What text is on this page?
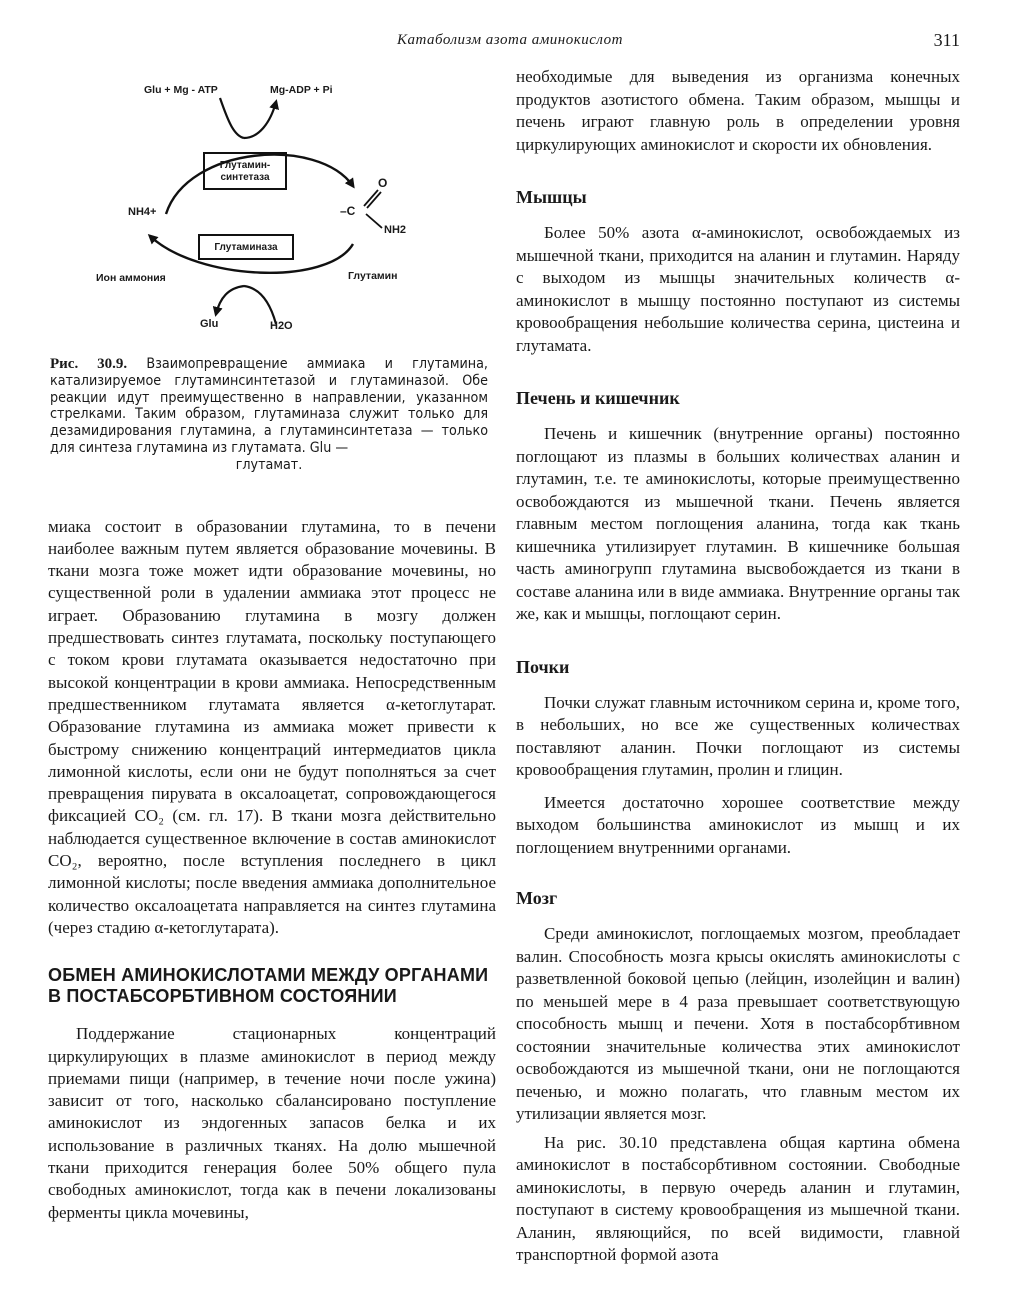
Катаболизм азота аминокислот	311
Glu + Mg - ATP	Mg-ADP + Pi
Глутамин-
синтетаза
Глутаминаза
NH4+
Ион аммония	Глутамин
–C
O
NH2
Glu	H2O

Рис. 30.9. Взаимопревращение аммиака и глутамина, катализируемое глутаминсинтетазой и глутаминазой. Обе реакции идут преимущественно в направлении, указанном стрелками. Таким образом, глутаминаза служит только для дезамидирования глутамина, а глутаминсинтетаза — только для синтеза глутамина из глутамата. Glu —
глутамат.

миака состоит в образовании глутамина, то в печени наиболее важным путем является образование мочевины. В ткани мозга тоже может идти образование мочевины, но существенной роли в удалении аммиака этот процесс не играет. Образованию глутамина в мозгу должен предшествовать синтез глутамата, поскольку поступающего с током крови глутамата оказывается недостаточно при высокой концентрации в крови аммиака. Непосредственным предшественником глутамата является α-кетоглутарат. Образование глутамина из аммиака может привести к быстрому снижению концентраций интермедиатов цикла лимонной кислоты, если они не будут пополняться за счет превращения пирувата в оксалоацетат, сопровождающегося фиксацией CO₂ (см. гл. 17). В ткани мозга действительно наблюдается существенное включение в состав аминокислот CO₂, вероятно, после вступления последнего в цикл лимонной кислоты; после введения аммиака дополнительное количество оксалоацетата направляется на синтез глутамина (через стадию α-кетоглутарата).

ОБМЕН АМИНОКИСЛОТАМИ МЕЖДУ ОРГАНАМИ В ПОСТАБСОРБТИВНОМ СОСТОЯНИИ

Поддержание стационарных концентраций циркулирующих в плазме аминокислот в период между приемами пищи (например, в течение ночи после ужина) зависит от того, насколько сбалансировано поступление аминокислот из эндогенных запасов белка и их использование в различных тканях. На долю мышечной ткани приходится генерация более 50% общего пула свободных аминокислот, тогда как в печени локализованы ферменты цикла мочевины,

необходимые для выведения из организма конечных продуктов азотистого обмена. Таким образом, мышцы и печень играют главную роль в определении уровня циркулирующих аминокислот и скорости их обновления.

Мышцы

Более 50% азота α-аминокислот, освобождаемых из мышечной ткани, приходится на аланин и глутамин. Наряду с выходом из мышцы значительных количеств α-аминокислот в мышцу постоянно поступают из системы кровообращения небольшие количества серина, цистеина и глутамата.

Печень и кишечник

Печень и кишечник (внутренние органы) постоянно поглощают из плазмы в больших количествах аланин и глутамин, т.е. те аминокислоты, которые преимущественно освобождаются из мышечной ткани. Печень является главным местом поглощения аланина, тогда как ткань кишечника утилизирует глутамин. В кишечнике большая часть аминогрупп глутамина высвобождается из ткани в составе аланина или в виде аммиака. Внутренние органы так же, как и мышцы, поглощают серин.

Почки

Почки служат главным источником серина и, кроме того, в небольших, но все же существенных количествах поставляют аланин. Почки поглощают из системы кровообращения глутамин, пролин и глицин.

Имеется достаточно хорошее соответствие между выходом большинства аминокислот из мышц и их поглощением внутренними органами.

Мозг

Среди аминокислот, поглощаемых мозгом, преобладает валин. Способность мозга крысы окислять аминокислоты с разветвленной боковой цепью (лейцин, изолейцин и валин) по меньшей мере в 4 раза превышает соответствующую способность мышц и печени. Хотя в постабсорбтивном состоянии значительные количества этих аминокислот освобождаются из мышечной ткани, они не поглощаются печенью, и можно полагать, что главным местом их утилизации является мозг.

На рис. 30.10 представлена общая картина обмена аминокислот в постабсорбтивном состоянии. Свободные аминокислоты, в первую очередь аланин и глутамин, поступают в систему кровообращения из мышечной ткани. Аланин, являющийся, по всей видимости, главной транспортной формой азота
